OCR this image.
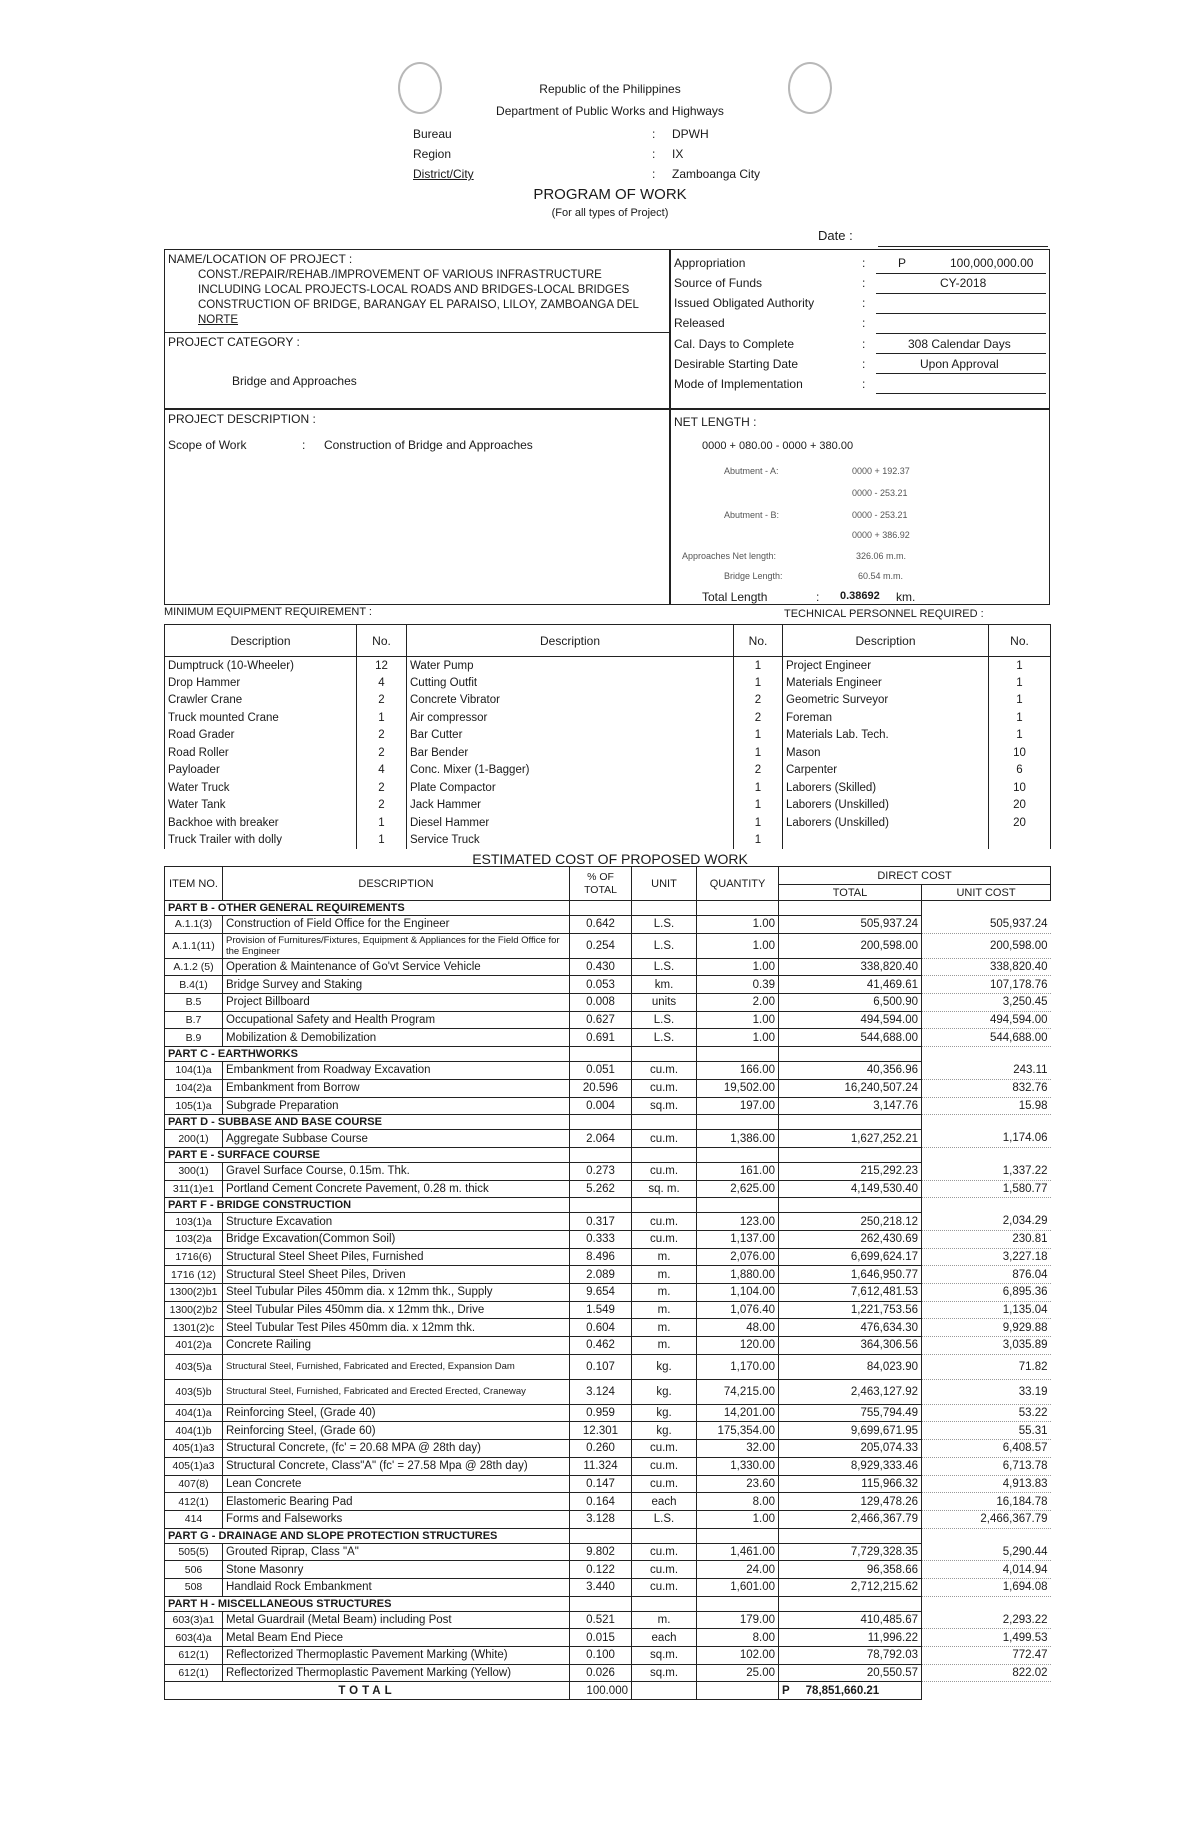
Republic of the Philippines
Department of Public Works and Highways
Bureau	: DPWH
Region	: IX
District/City	: Zamboanga City
PROGRAM OF WORK
(For all types of Project)
Date :
NAME/LOCATION OF PROJECT :
CONST./REPAIR/REHAB./IMPROVEMENT OF VARIOUS INFRASTRUCTURE
INCLUDING LOCAL PROJECTS-LOCAL ROADS AND BRIDGES-LOCAL BRIDGES
CONSTRUCTION OF BRIDGE, BARANGAY EL PARAISO, LILOY, ZAMBOANGA DEL
NORTE
PROJECT CATEGORY :
Bridge and Approaches
Appropriation	:	P	100,000,000.00
Source of Funds	:	CY-2018
Issued Obligated Authority	:
Released	:
Cal. Days to Complete	:	308 Calendar Days
Desirable Starting Date	:	Upon Approval
Mode of Implementation	:
PROJECT DESCRIPTION :
Scope of Work	: Construction of Bridge and Approaches
NET LENGTH :
0000 + 080.00 - 0000 + 380.00
Abutment - A:	0000 + 192.37
0000 - 253.21
Abutment - B:	0000 - 253.21
0000 + 386.92
Approaches Net length:	326.06 m.m.
Bridge Length:	60.54 m.m.
Total Length	: 0.38692 km.
MINIMUM EQUIPMENT REQUIREMENT :	TECHNICAL PERSONNEL REQUIRED :
Description	No.	Description	No.	Description	No.
Dumptruck (10-Wheeler)	12	Water Pump	1	Project Engineer	1
Drop Hammer	4	Cutting Outfit	1	Materials Engineer	1
Crawler Crane	2	Concrete Vibrator	2	Geometric Surveyor	1
Truck mounted Crane	1	Air compressor	2	Foreman	1
Road Grader	2	Bar Cutter	1	Materials Lab. Tech.	1
Road Roller	2	Bar Bender	1	Mason	10
Payloader	4	Conc. Mixer (1-Bagger)	2	Carpenter	6
Water Truck	2	Plate Compactor	1	Laborers (Skilled)	10
Water Tank	2	Jack Hammer	1	Laborers (Unskilled)	20
Backhoe with breaker	1	Diesel Hammer	1	Laborers (Unskilled)	20
Truck Trailer with dolly	1	Service Truck	1		
ESTIMATED COST OF PROPOSED WORK
ITEM NO.	DESCRIPTION	% OF TOTAL	UNIT	QUANTITY	DIRECT COST	
					TOTAL	UNIT COST
PART B - OTHER GENERAL REQUIREMENTS						
A.1.1(3)	Construction of Field Office for the Engineer	0.642	L.S.	1.00	505,937.24	505,937.24
A.1.1(11)	Provision of Furnitures/Fixtures, Equipment & Appliances for the Field Office for the Engineer	0.254	L.S.	1.00	200,598.00	200,598.00
A.1.2 (5)	Operation & Maintenance of Go'vt Service Vehicle	0.430	L.S.	1.00	338,820.40	338,820.40
B.4(1)	Bridge Survey and Staking	0.053	km.	0.39	41,469.61	107,178.76
B.5	Project Billboard	0.008	units	2.00	6,500.90	3,250.45
B.7	Occupational Safety and Health Program	0.627	L.S.	1.00	494,594.00	494,594.00
B.9	Mobilization & Demobilization	0.691	L.S.	1.00	544,688.00	544,688.00
PART C - EARTHWORKS						
104(1)a	Embankment from Roadway Excavation	0.051	cu.m.	166.00	40,356.96	243.11
104(2)a	Embankment from Borrow	20.596	cu.m.	19,502.00	16,240,507.24	832.76
105(1)a	Subgrade Preparation	0.004	sq.m.	197.00	3,147.76	15.98
PART D - SUBBASE AND BASE COURSE						
200(1)	Aggregate Subbase Course	2.064	cu.m.	1,386.00	1,627,252.21	1,174.06
PART E - SURFACE COURSE						
300(1)	Gravel Surface Course, 0.15m. Thk.	0.273	cu.m.	161.00	215,292.23	1,337.22
311(1)e1	Portland Cement Concrete Pavement, 0.28 m. thick	5.262	sq. m.	2,625.00	4,149,530.40	1,580.77
PART F - BRIDGE CONSTRUCTION						
103(1)a	Structure Excavation	0.317	cu.m.	123.00	250,218.12	2,034.29
103(2)a	Bridge Excavation(Common Soil)	0.333	cu.m.	1,137.00	262,430.69	230.81
1716(6)	Structural Steel Sheet Piles, Furnished	8.496	m.	2,076.00	6,699,624.17	3,227.18
1716 (12)	Structural Steel Sheet Piles, Driven	2.089	m.	1,880.00	1,646,950.77	876.04
1300(2)b1	Steel Tubular Piles 450mm dia. x 12mm thk., Supply	9.654	m.	1,104.00	7,612,481.53	6,895.36
1300(2)b2	Steel Tubular Piles 450mm dia. x 12mm thk., Drive	1.549	m.	1,076.40	1,221,753.56	1,135.04
1301(2)c	Steel Tubular Test Piles 450mm dia. x 12mm thk.	0.604	m.	48.00	476,634.30	9,929.88
401(2)a	Concrete Railing	0.462	m.	120.00	364,306.56	3,035.89
403(5)a	Structural Steel, Furnished, Fabricated and Erected, Expansion Dam	0.107	kg.	1,170.00	84,023.90	71.82
403(5)b	Structural Steel, Furnished, Fabricated and Erected Erected, Craneway	3.124	kg.	74,215.00	2,463,127.92	33.19
404(1)a	Reinforcing Steel, (Grade 40)	0.959	kg.	14,201.00	755,794.49	53.22
404(1)b	Reinforcing Steel, (Grade 60)	12.301	kg.	175,354.00	9,699,671.95	55.31
405(1)a3	Structural Concrete, (fc' = 20.68 MPA @ 28th day)	0.260	cu.m.	32.00	205,074.33	6,408.57
405(1)a3	Structural Concrete, Class"A" (fc' = 27.58 Mpa @ 28th day)	11.324	cu.m.	1,330.00	8,929,333.46	6,713.78
407(8)	Lean Concrete	0.147	cu.m.	23.60	115,966.32	4,913.83
412(1)	Elastomeric Bearing Pad	0.164	each	8.00	129,478.26	16,184.78
414	Forms and Falseworks	3.128	L.S.	1.00	2,466,367.79	2,466,367.79
PART G - DRAINAGE AND SLOPE PROTECTION STRUCTURES						
505(5)	Grouted Riprap, Class "A"	9.802	cu.m.	1,461.00	7,729,328.35	5,290.44
506	Stone Masonry	0.122	cu.m.	24.00	96,358.66	4,014.94
508	Handlaid Rock Embankment	3.440	cu.m.	1,601.00	2,712,215.62	1,694.08
PART H - MISCELLANEOUS STRUCTURES						
603(3)a1	Metal Guardrail (Metal Beam) including Post	0.521	m.	179.00	410,485.67	2,293.22
603(4)a	Metal Beam End Piece	0.015	each	8.00	11,996.22	1,499.53
612(1)	Reflectorized Thermoplastic Pavement Marking (White)	0.100	sq.m.	102.00	78,792.03	772.47
612(1)	Reflectorized Thermoplastic Pavement Marking (Yellow)	0.026	sq.m.	25.00	20,550.57	822.02
TOTAL		100.000			P 78,851,660.21	
